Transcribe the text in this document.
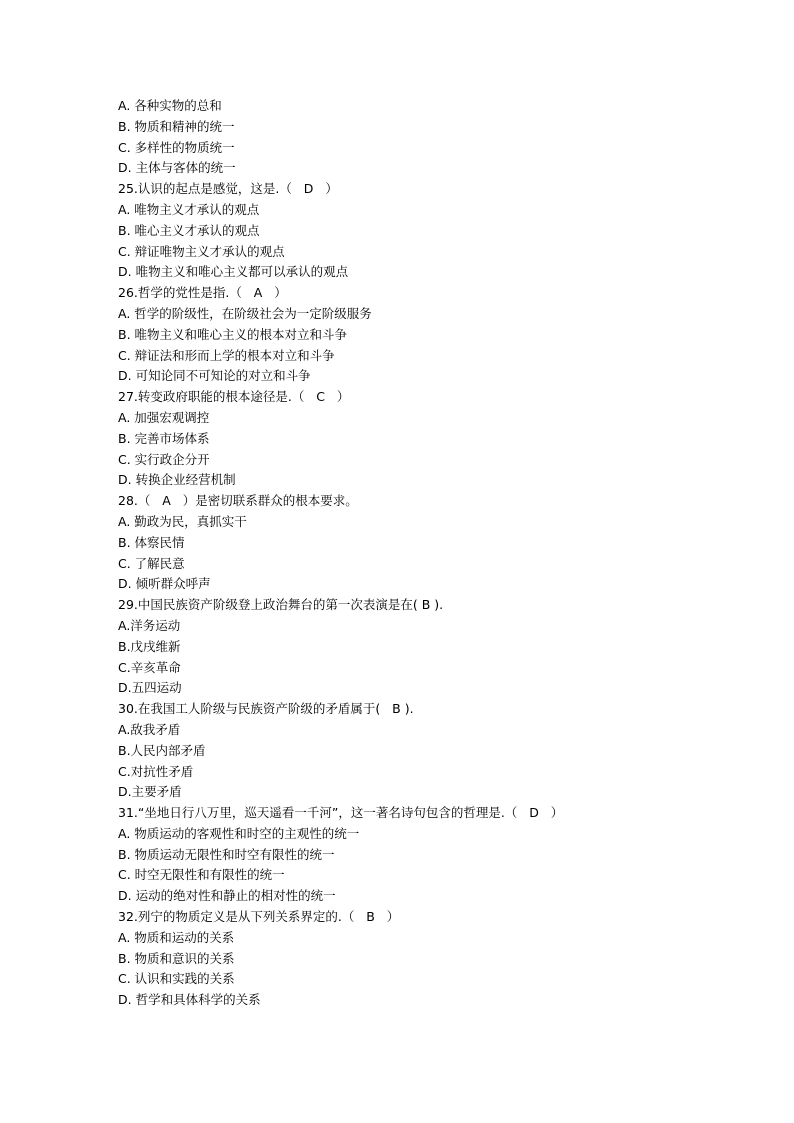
A. 各种实物的总和
B. 物质和精神的统一
C. 多样性的物质统一
D. 主体与客体的统一
25.认识的起点是感觉，这是.（   D   ）
A. 唯物主义才承认的观点
B. 唯心主义才承认的观点
C. 辩证唯物主义才承认的观点
D. 唯物主义和唯心主义都可以承认的观点
26.哲学的党性是指.（   A   ）
A. 哲学的阶级性，在阶级社会为一定阶级服务
B. 唯物主义和唯心主义的根本对立和斗争
C. 辩证法和形而上学的根本对立和斗争
D. 可知论同不可知论的对立和斗争
27.转变政府职能的根本途径是.（   C   ）
A. 加强宏观调控
B. 完善市场体系
C. 实行政企分开
D. 转换企业经营机制
28.（   A   ）是密切联系群众的根本要求。
A. 勤政为民，真抓实干
B. 体察民情
C. 了解民意
D. 倾听群众呼声
29.中国民族资产阶级登上政治舞台的第一次表演是在( B ).
A.洋务运动
B.戊戌维新
C.辛亥革命
D.五四运动
30.在我国工人阶级与民族资产阶级的矛盾属于(   B ).
A.敌我矛盾
B.人民内部矛盾
C.对抗性矛盾
D.主要矛盾
31.“坐地日行八万里，巡天遥看一千河”，这一著名诗句包含的哲理是.（   D   ）
A. 物质运动的客观性和时空的主观性的统一
B. 物质运动无限性和时空有限性的统一
C. 时空无限性和有限性的统一
D. 运动的绝对性和静止的相对性的统一
32.列宁的物质定义是从下列关系界定的.（   B   ）
A. 物质和运动的关系
B. 物质和意识的关系
C. 认识和实践的关系
D. 哲学和具体科学的关系
